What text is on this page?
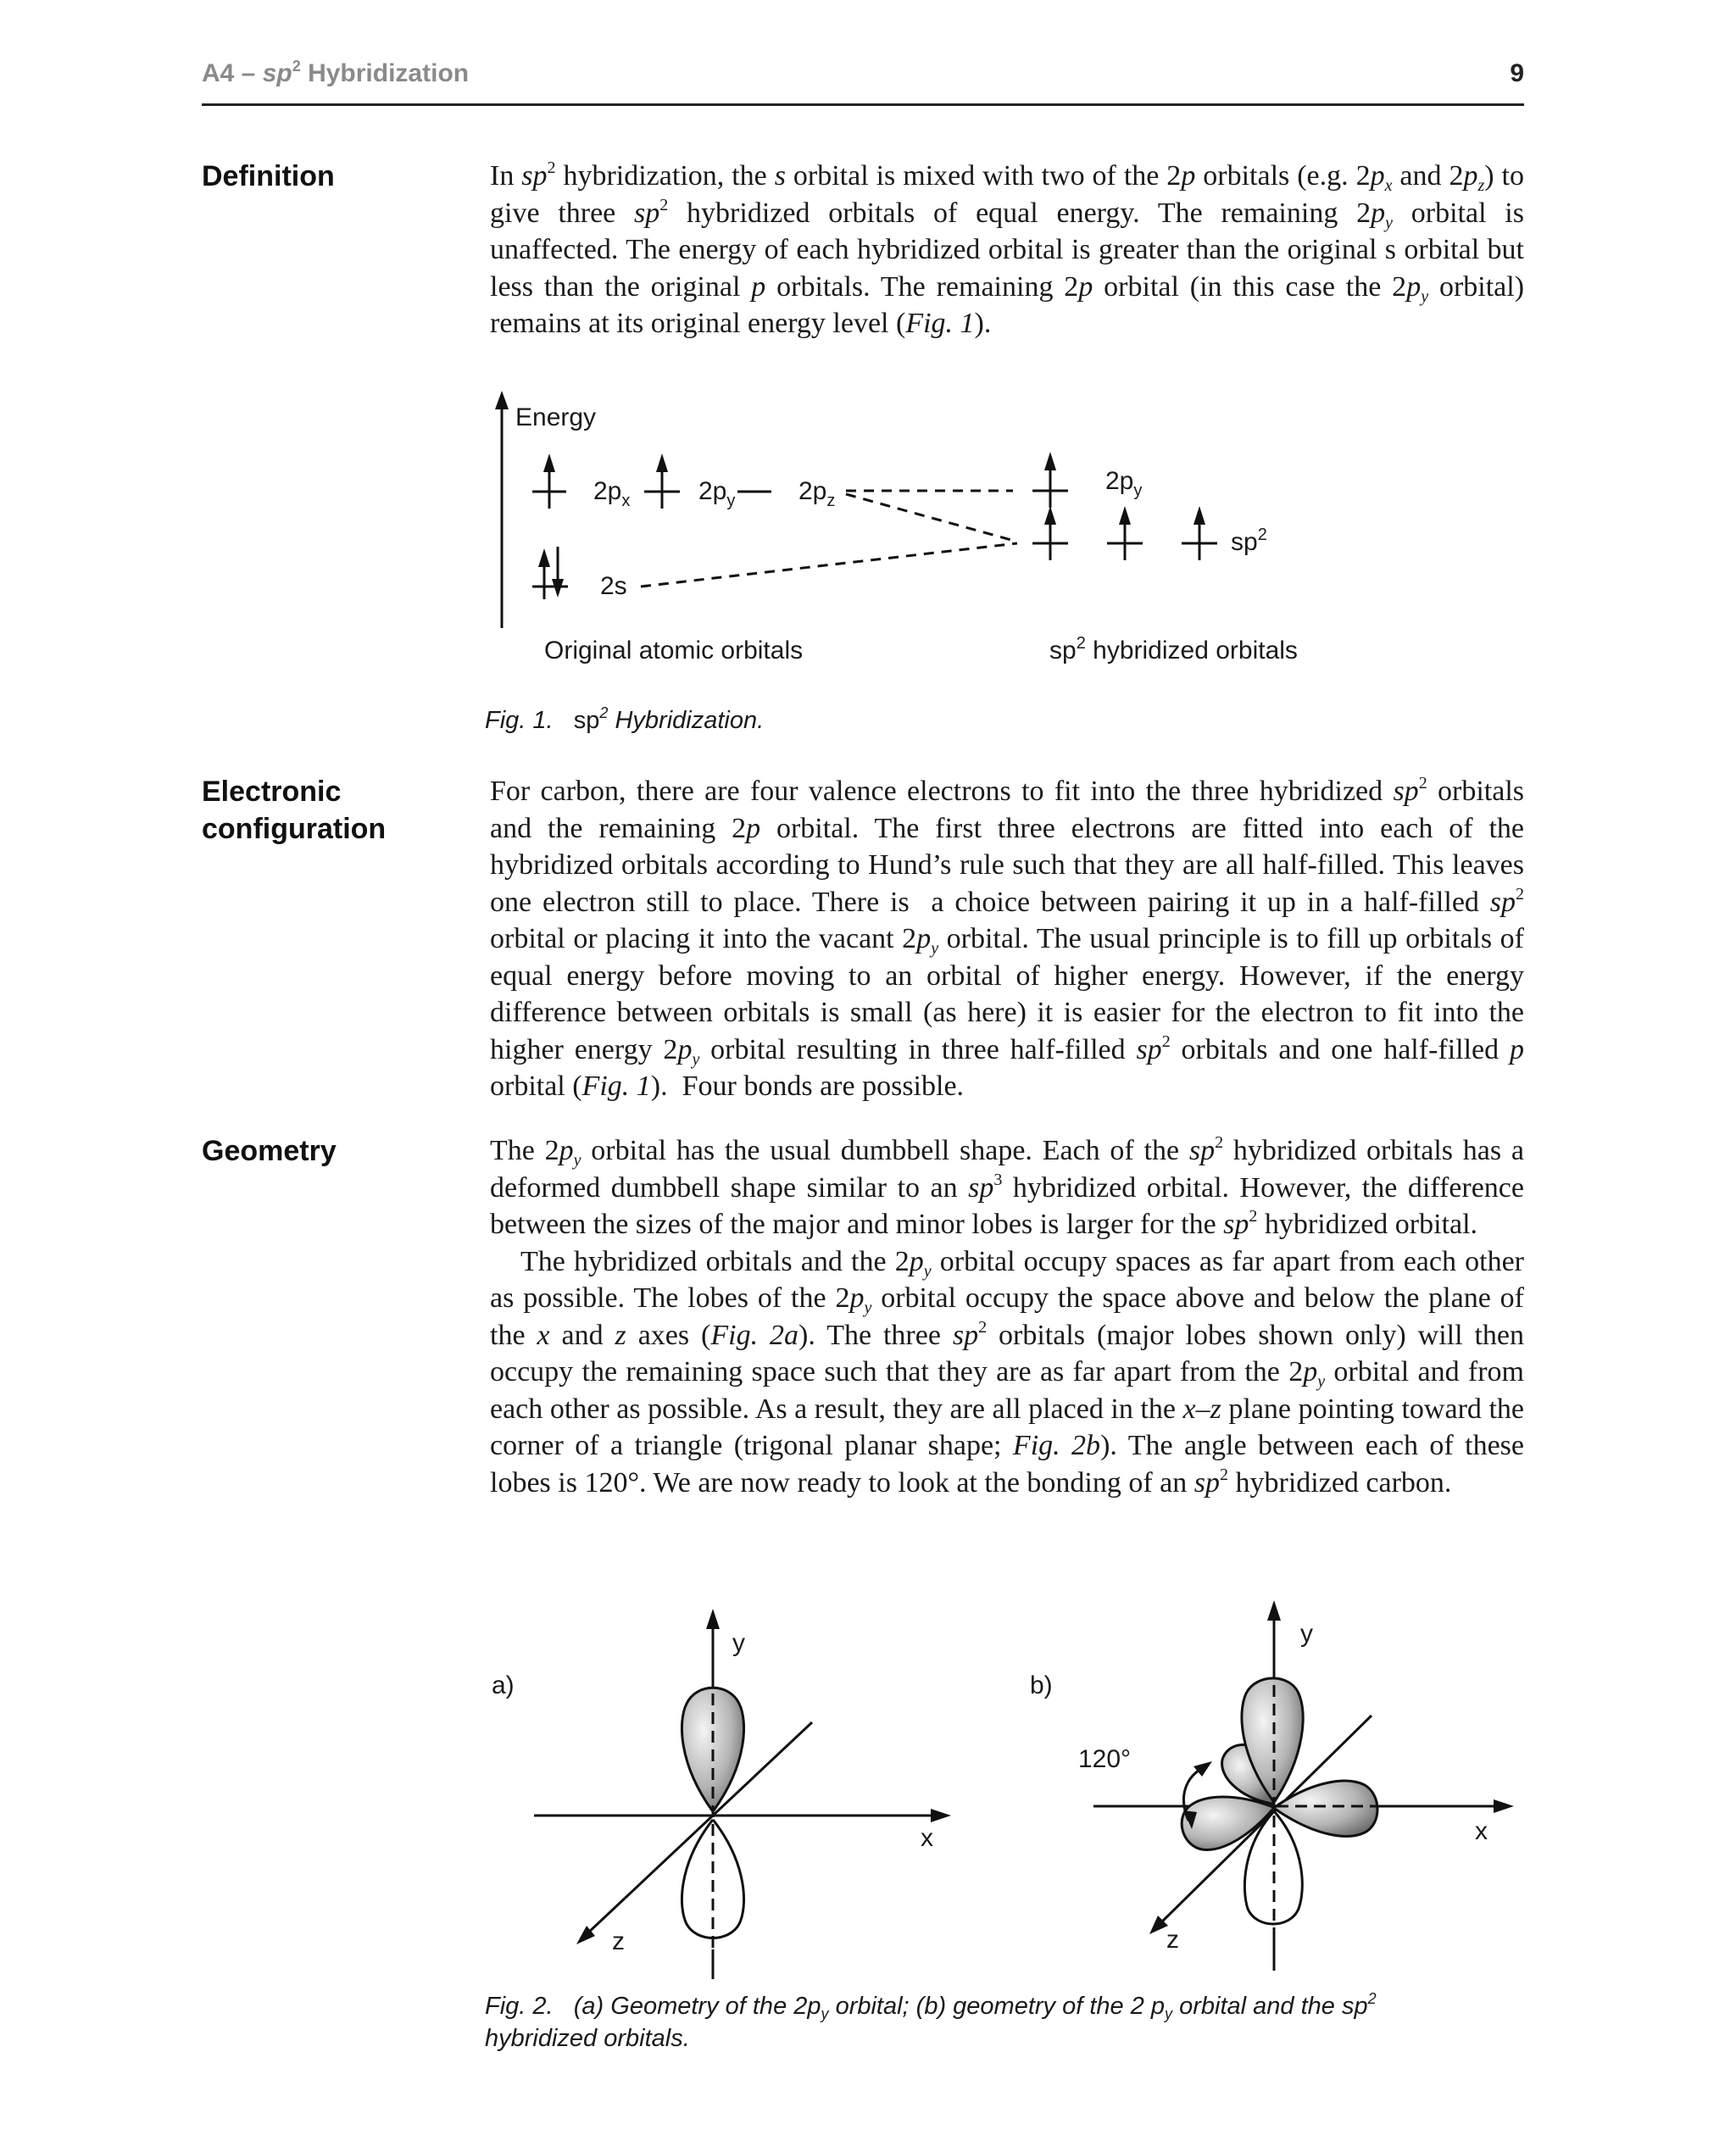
$A4 - sp^2$ Hybridization	9
Definition	In $sp^2$ hybridization, the s orbital is mixed with two of the 2p orbitals (e.g. $2p_x$ and $2p_z$) to give three $sp^2$ hybridized orbitals of equal energy. The remaining $2p_y$ orbital is unaffected. The energy of each hybridized orbital is greater than the original s orbital but less than the original p orbitals. The remaining 2p orbital (in this case the $2p_y$ orbital) remains at its original energy level (Fig. 1).

Energy
$2p_x$	$2p_y$ $2p_z$
2s
$2p_y$
$sp^2$
Original atomic orbitals	$sp^2$ hybridized orbitals
Fig. 1. $sp^2$ Hybridization.
Electronic
configuration

For carbon, there are four valence electrons to fit into the three hybridized $sp^2$ orbitals and the remaining 2p orbital. The first three electrons are fitted into each of the hybridized orbitals according to Hund’s rule such that they are all half-filled. This leaves one electron still to place. There is  a choice between pairing it up in a half-filled $sp^2$ orbital or placing it into the vacant $2p_y$ orbital. The usual principle is to fill up orbitals of equal energy before moving to an orbital of higher energy. However, if the energy difference between orbitals is small (as here) it is easier for the electron to fit into the higher energy $2p_y$ orbital resulting in three half-filled $sp^2$ orbitals and one half-filled p orbital (Fig. 1).  Four bonds are possible.

Geometry	The $2p_y$ orbital has the usual dumbbell shape. Each of the $sp^2$ hybridized orbitals has a deformed dumbbell shape similar to an $sp^3$ hybridized orbital. However, the difference between the sizes of the major and minor lobes is larger for the $sp^2$ hybridized orbital.

The hybridized orbitals and the $2p_y$ orbital occupy spaces as far apart from each other as possible. The lobes of the $2p_y$ orbital occupy the space above and below the plane of the x and z axes (Fig. 2a). The three $sp^2$ orbitals (major lobes shown only) will then occupy the remaining space such that they are as far apart from the $2p_y$ orbital and from each other as possible. As a result, they are all placed in the x–z plane pointing toward the corner of a triangle (trigonal planar shape; Fig. 2b). The angle between each of these lobes is 120°. We are now ready to look at the bonding of an $sp^2$ hybridized carbon.

a)
y
x
z
b)
y
x
z
120°
Fig. 2. (a) Geometry of the $2p_y$ orbital; (b) geometry of the 2 $p_y$ orbital and the $sp^2$
hybridized orbitals.
